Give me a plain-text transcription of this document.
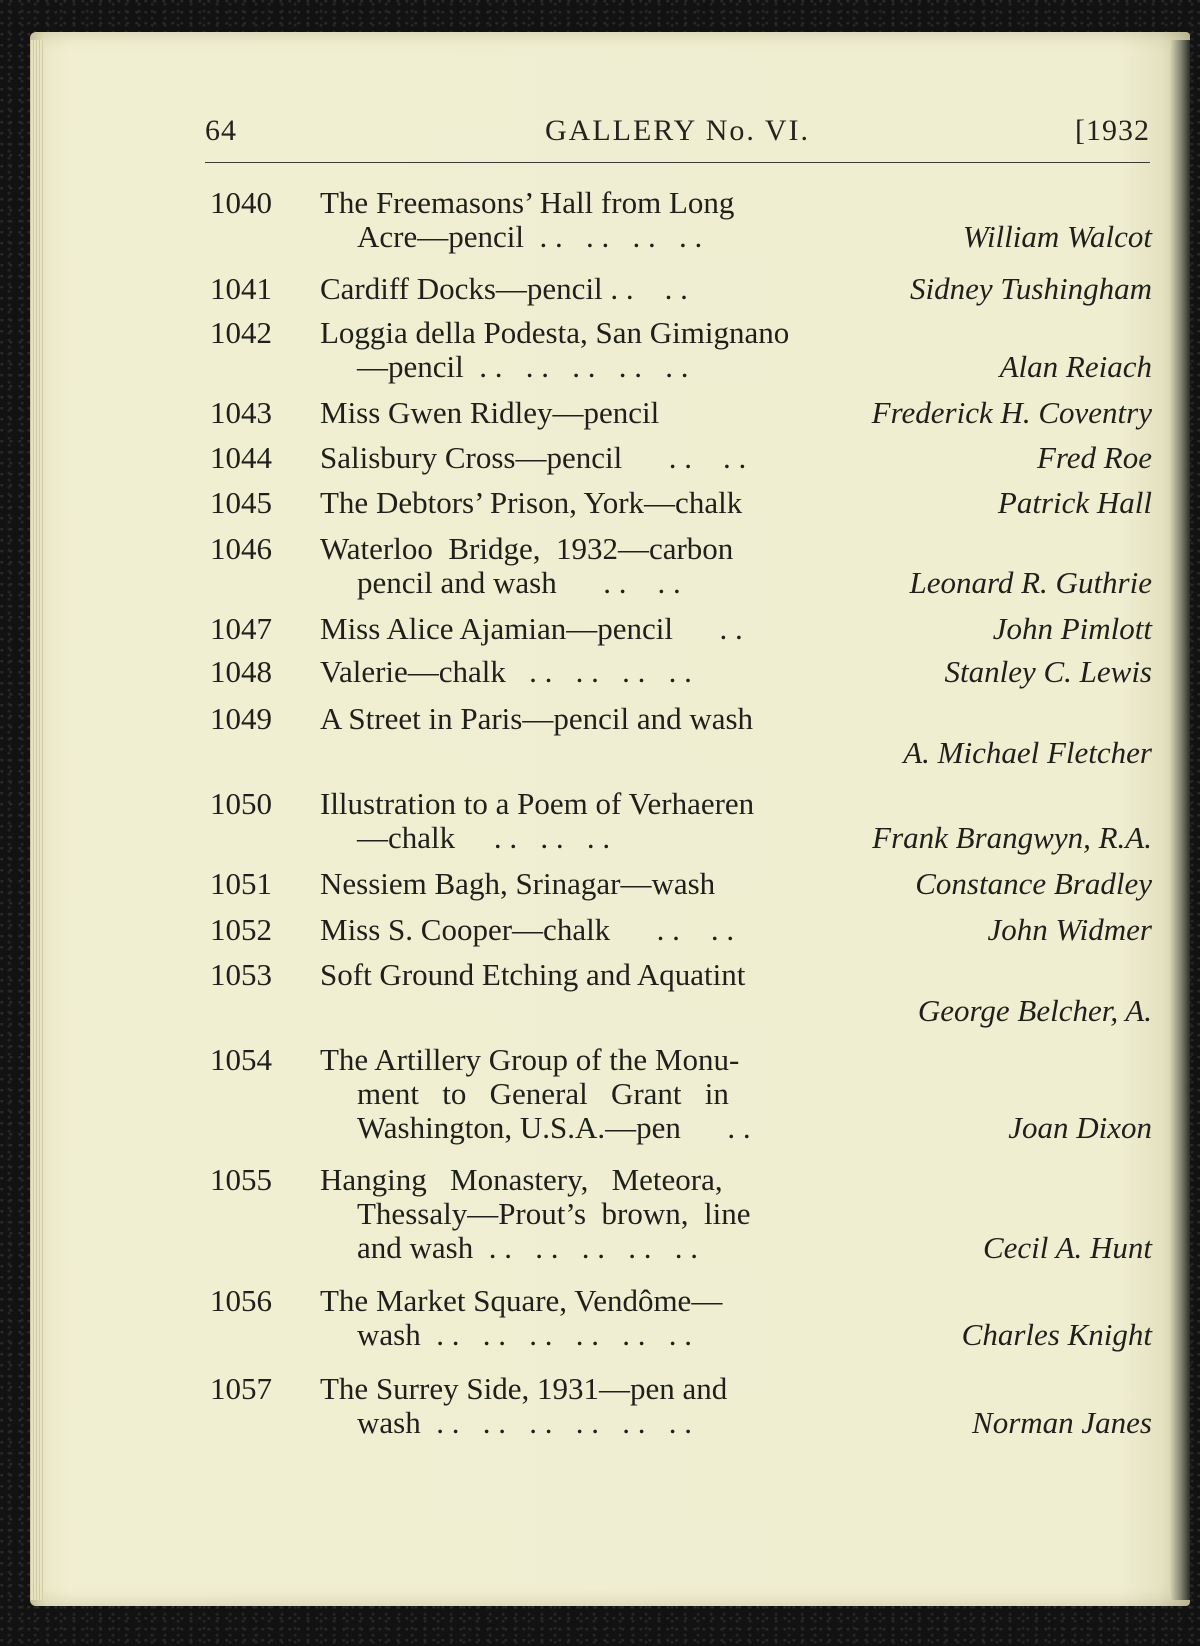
64	GALLERY No. VI.	[1932
1040 The Freemasons’ Hall from Long
Acre—pencil  . .   . .   . .   . .	William Walcot
1041 Cardiff Docks—pencil . .    . .	Sidney Tushingham
1042 Loggia della Podesta, San Gimignano
—pencil  . .   . .   . .   . .   . .	Alan Reiach
1043 Miss Gwen Ridley—pencil	Frederick H. Coventry
1044 Salisbury Cross—pencil      . .    . .	Fred Roe
1045 The Debtors’ Prison, York—chalk	Patrick Hall
1046 Waterloo  Bridge,  1932—carbon
pencil and wash      . .    . .	Leonard R. Guthrie
1047 Miss Alice Ajamian—pencil      . .	John Pimlott
1048 Valerie—chalk   . .   . .   . .   . .	Stanley C. Lewis
1049 A Street in Paris—pencil and wash
A. Michael Fletcher
1050 Illustration to a Poem of Verhaeren
—chalk     . .   . .   . .	Frank Brangwyn, R.A.
1051 Nessiem Bagh, Srinagar—wash	Constance Bradley
1052 Miss S. Cooper—chalk      . .    . .	John Widmer
1053 Soft Ground Etching and Aquatint
George Belcher, A.
1054 The Artillery Group of the Monu-
ment   to   General   Grant   in
Washington, U.S.A.—pen      . .	Joan Dixon
1055 Hanging   Monastery,   Meteora,
Thessaly—Prout’s  brown,  line
and wash  . .   . .   . .   . .   . .	Cecil A. Hunt
1056 The Market Square, Vendôme—
wash  . .   . .   . .   . .   . .   . .	Charles Knight
1057 The Surrey Side, 1931—pen and
wash  . .   . .   . .   . .   . .   . .	Norman Janes
